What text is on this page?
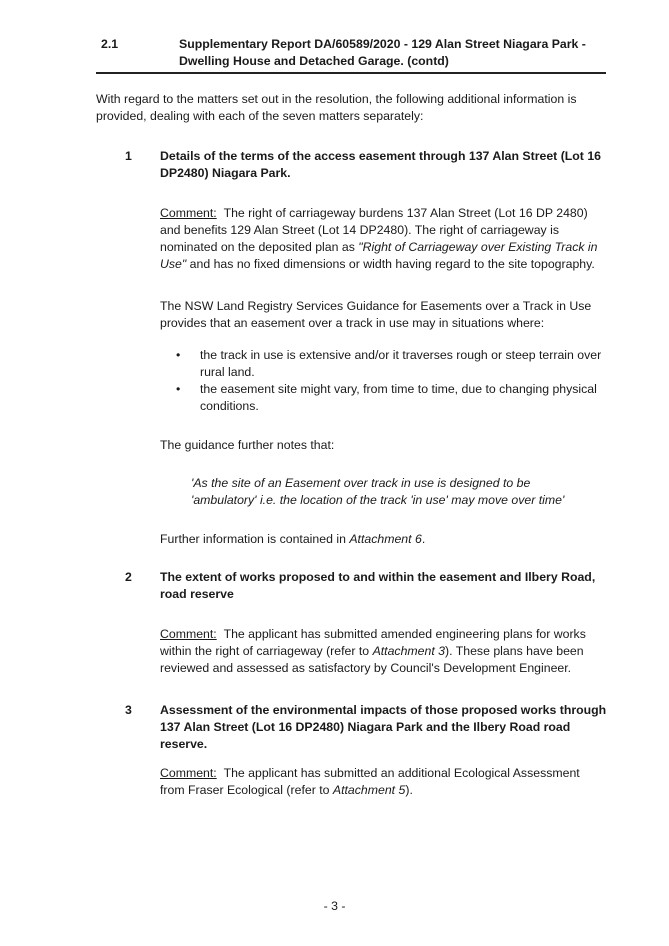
2.1	Supplementary Report DA/60589/2020 - 129 Alan Street Niagara Park -
Dwelling House and Detached Garage. (contd)
With regard to the matters set out in the resolution, the following additional information is
provided, dealing with each of the seven matters separately:
1	Details of the terms of the access easement through 137 Alan Street (Lot 16
DP2480) Niagara Park.
Comment: The right of carriageway burdens 137 Alan Street (Lot 16 DP 2480)
and benefits 129 Alan Street (Lot 14 DP2480). The right of carriageway is
nominated on the deposited plan as "Right of Carriageway over Existing Track in
Use" and has no fixed dimensions or width having regard to the site topography.
The NSW Land Registry Services Guidance for Easements over a Track in Use
provides that an easement over a track in use may in situations where:
• the track in use is extensive and/or it traverses rough or steep terrain over
rural land.
• the easement site might vary, from time to time, due to changing physical
conditions.
The guidance further notes that:
'As the site of an Easement over track in use is designed to be
'ambulatory' i.e. the location of the track 'in use' may move over time'
Further information is contained in Attachment 6.
2	The extent of works proposed to and within the easement and Ilbery Road,
road reserve
Comment: The applicant has submitted amended engineering plans for works
within the right of carriageway (refer to Attachment 3). These plans have been
reviewed and assessed as satisfactory by Council's Development Engineer.
3	Assessment of the environmental impacts of those proposed works through
137 Alan Street (Lot 16 DP2480) Niagara Park and the Ilbery Road road
reserve.
Comment: The applicant has submitted an additional Ecological Assessment
from Fraser Ecological (refer to Attachment 5).
- 3 -
